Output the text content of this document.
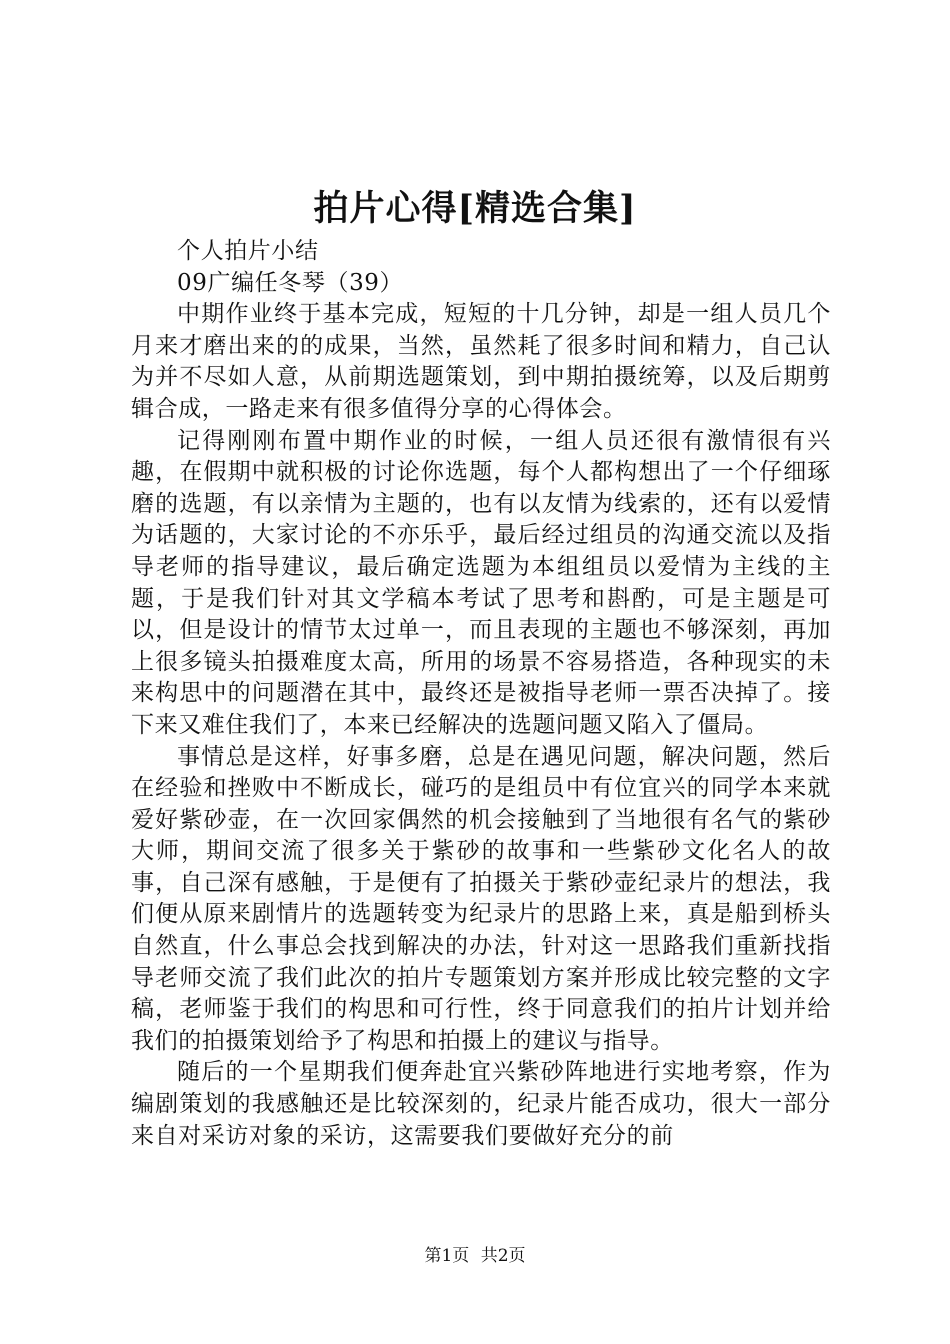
拍片心得[精选合集]
个人拍片小结
09广编任冬琴（39）

中期作业终于基本完成，短短的十几分钟，却是一组人员几个月来才磨出来的的成果，当然，虽然耗了很多时间和精力，自己认为并不尽如人意，从前期选题策划，到中期拍摄统筹，以及后期剪辑合成，一路走来有很多值得分享的心得体会。

记得刚刚布置中期作业的时候，一组人员还很有激情很有兴趣，在假期中就积极的讨论你选题，每个人都构想出了一个仔细琢磨的选题，有以亲情为主题的，也有以友情为线索的，还有以爱情为话题的，大家讨论的不亦乐乎，最后经过组员的沟通交流以及指导老师的指导建议，最后确定选题为本组组员以爱情为主线的主题，于是我们针对其文学稿本考试了思考和斟酌，可是主题是可以，但是设计的情节太过单一，而且表现的主题也不够深刻，再加上很多镜头拍摄难度太高，所用的场景不容易搭造，各种现实的未来构思中的问题潜在其中，最终还是被指导老师一票否决掉了。接下来又难住我们了，本来已经解决的选题问题又陷入了僵局。

事情总是这样，好事多磨，总是在遇见问题，解决问题，然后在经验和挫败中不断成长，碰巧的是组员中有位宜兴的同学本来就爱好紫砂壶，在一次回家偶然的机会接触到了当地很有名气的紫砂大师，期间交流了很多关于紫砂的故事和一些紫砂文化名人的故事，自己深有感触，于是便有了拍摄关于紫砂壶纪录片的想法，我们便从原来剧情片的选题转变为纪录片的思路上来，真是船到桥头自然直，什么事总会找到解决的办法，针对这一思路我们重新找指导老师交流了我们此次的拍片专题策划方案并形成比较完整的文字稿，老师鉴于我们的构思和可行性，终于同意我们的拍片计划并给我们的拍摄策划给予了构思和拍摄上的建议与指导。

随后的一个星期我们便奔赴宜兴紫砂阵地进行实地考察，作为编剧策划的我感触还是比较深刻的，纪录片能否成功，很大一部分来自对采访对象的采访，这需要我们要做好充分的前

第1页 共2页
